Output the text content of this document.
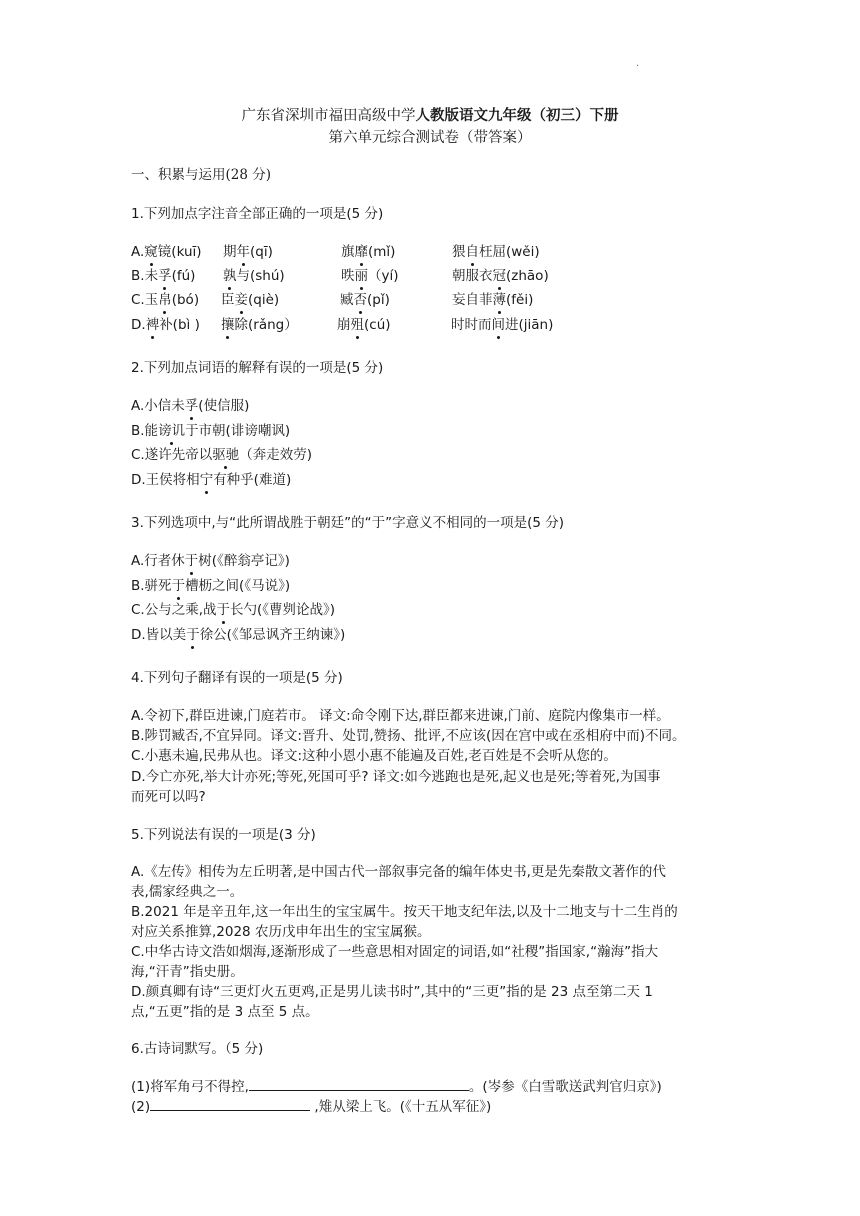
.
广东省深圳市福田高级中学人教版语文九年级（初三）下册
第六单元综合测试卷（带答案）
一、积累与运用(28 分)
1.下列加点字注音全部正确的一项是(5 分)
A.窥镜(kuī) 期年(qī)	旗靡(mǐ)	猥自枉屈(wěi)
B.未孚(fú) 孰与(shú)	昳丽（yí)	朝服衣冠(zhāo)
C.玉帛(bó) 臣妾(qiè)	臧否(pǐ)	妄自菲薄(fěi)
D.裨补(bì ) 攘除(rǎng）	崩殂(cú)	时时而间进(jiān)
2.下列加点词语的解释有误的一项是(5 分)
A.小信未孚(使信服)
B.能谤讥于市朝(诽谤嘲讽)
C.遂许先帝以驱驰（奔走效劳)
D.王侯将相宁有种乎(难道)
3.下列选项中,与“此所谓战胜于朝廷”的“于”字意义不相同的一项是(5 分)
A.行者休于树(《醉翁亭记》)
B.骈死于槽枥之间(《马说》)
C.公与之乘,战于长勺(《曹刿论战》)
D.皆以美于徐公(《邹忌讽齐王纳谏》)
4.下列句子翻译有误的一项是(5 分)
A.令初下,群臣进谏,门庭若市。 译文:命令刚下达,群臣都来进谏,门前、庭院内像集市一样。
B.陟罚臧否,不宜异同。译文:晋升、处罚,赞扬、批评,不应该(因在宫中或在丞相府中而)不同。
C.小惠未遍,民弗从也。译文:这种小恩小惠不能遍及百姓,老百姓是不会听从您的。
D.今亡亦死,举大计亦死;等死,死国可乎? 译文:如今逃跑也是死,起义也是死;等着死,为国事
而死可以吗?
5.下列说法有误的一项是(3 分)
A.《左传》相传为左丘明著,是中国古代一部叙事完备的编年体史书,更是先秦散文著作的代
表,儒家经典之一。
B.2021 年是辛丑年,这一年出生的宝宝属牛。按天干地支纪年法,以及十二地支与十二生肖的
对应关系推算,2028 农历戊申年出生的宝宝属猴。
C.中华古诗文浩如烟海,逐渐形成了一些意思相对固定的词语,如“社稷”指国家,“瀚海”指大
海,“汗青”指史册。
D.颜真卿有诗“三更灯火五更鸡,正是男儿读书时”,其中的“三更”指的是 23 点至第二天 1
点,“五更”指的是 3 点至 5 点。
6.古诗词默写。（5 分)
(1)将军角弓不得控,	。(岑参《白雪歌送武判官归京》)
(2)	,雉从梁上飞。(《十五从军征》)
